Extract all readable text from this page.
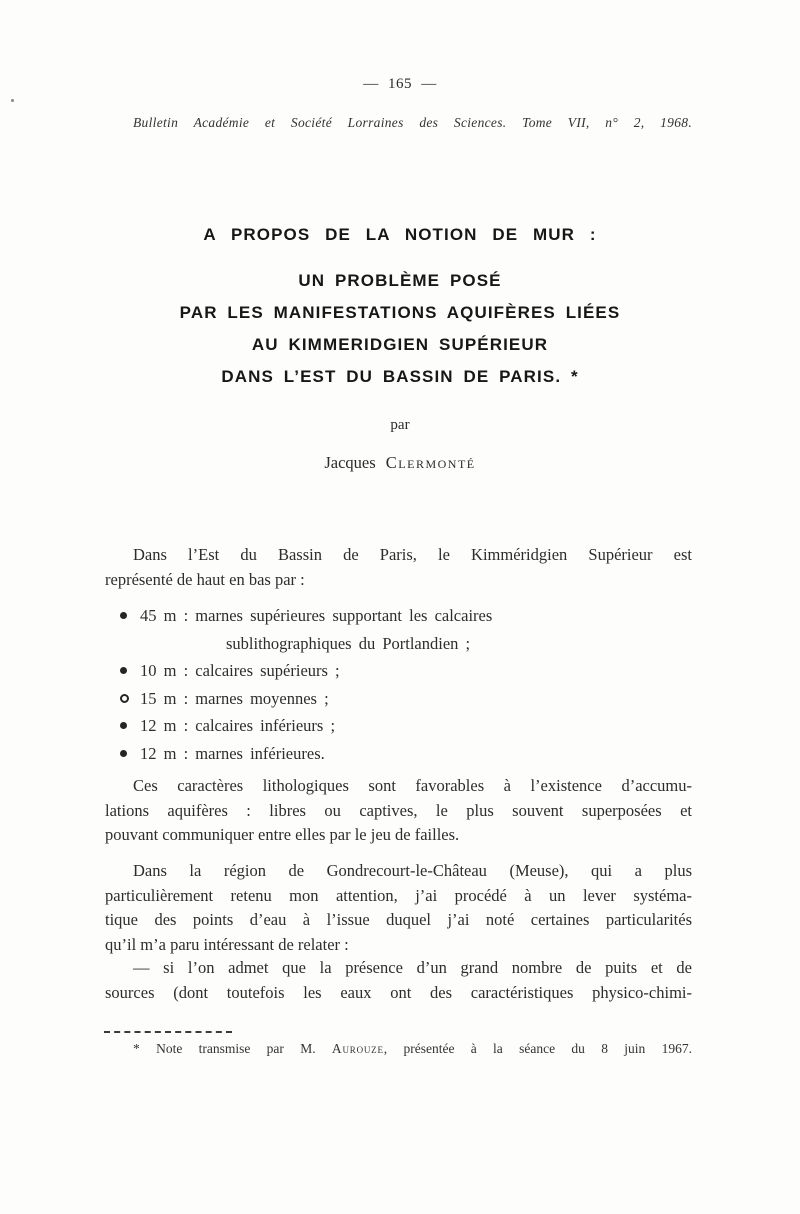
— 165 —
Bulletin Académie et Société Lorraines des Sciences. Tome VII, n° 2, 1968.
A PROPOS DE LA NOTION DE MUR :
UN PROBLÈME POSÉ
PAR LES MANIFESTATIONS AQUIFÈRES LIÉES
AU KIMMERIDGIEN SUPÉRIEUR
DANS L’EST DU BASSIN DE PARIS. *
par
Jacques Clermonté
Dans l’Est du Bassin de Paris, le Kimméridgien Supérieur est
représenté de haut en bas par :
45 m : marnes supérieures supportant les calcaires
sublithographiques du Portlandien ;
10 m : calcaires supérieurs ;
15 m : marnes moyennes ;
12 m : calcaires inférieurs ;
12 m : marnes inférieures.
Ces caractères lithologiques sont favorables à l’existence d’accumu-
lations aquifères : libres ou captives, le plus souvent superposées et
pouvant communiquer entre elles par le jeu de failles.
Dans la région de Gondrecourt-le-Château (Meuse), qui a plus
particulièrement retenu mon attention, j’ai procédé à un lever systéma-
tique des points d’eau à l’issue duquel j’ai noté certaines particularités
qu’il m’a paru intéressant de relater :
— si l’on admet que la présence d’un grand nombre de puits et de
sources (dont toutefois les eaux ont des caractéristiques physico-chimi-
* Note transmise par M. Aurouze, présentée à la séance du 8 juin 1967.
